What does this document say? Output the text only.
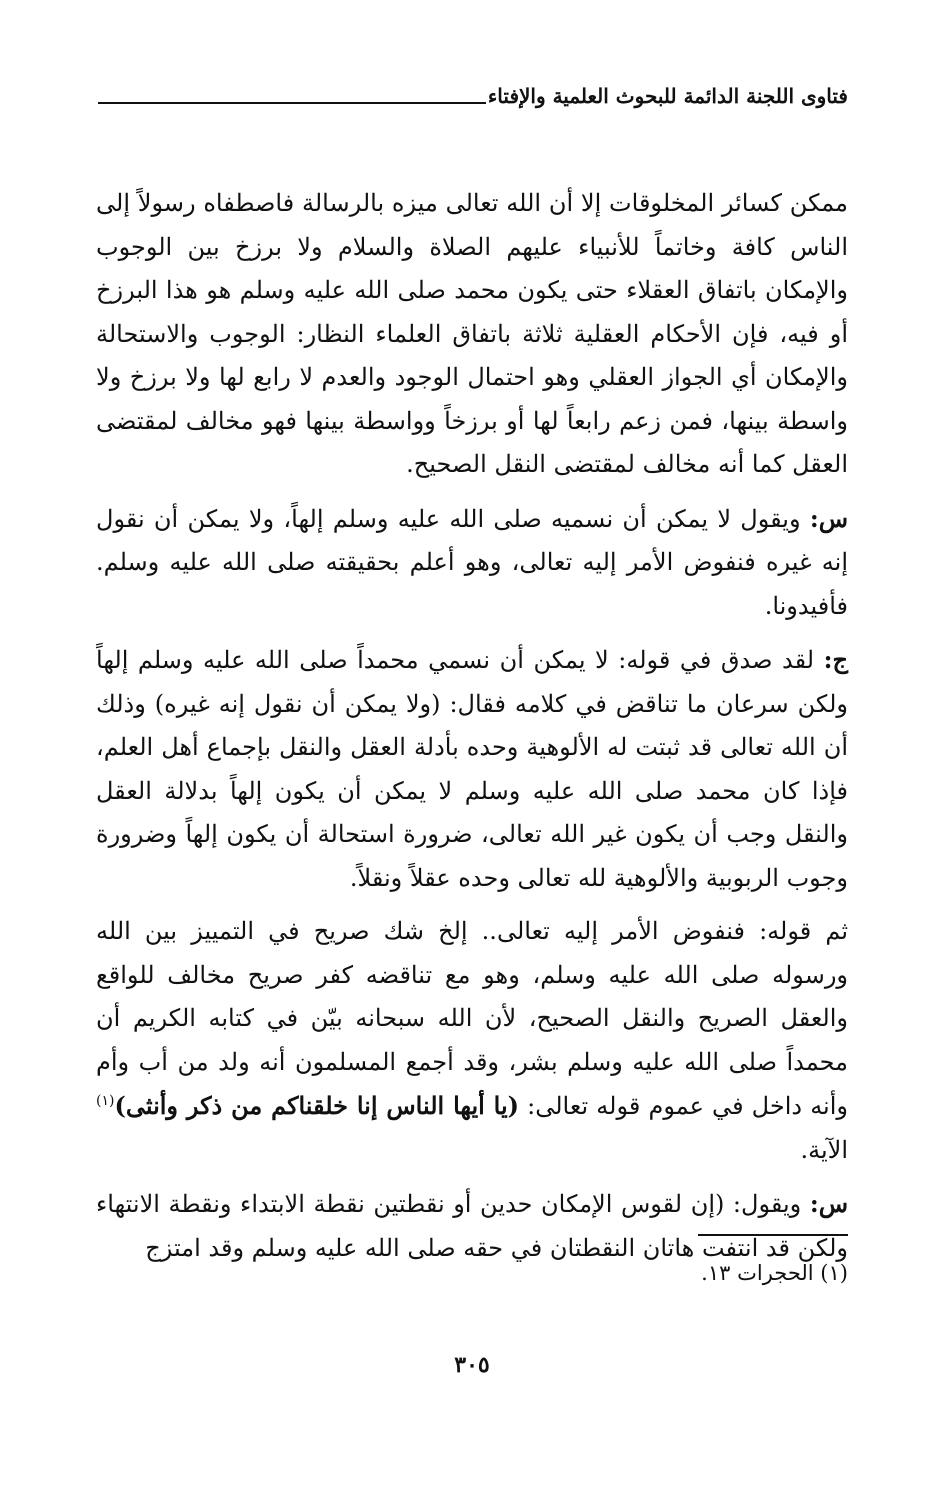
فتاوى اللجنة الدائمة للبحوث العلمية والإفتاء

ممكن كسائر المخلوقات إلا أن الله تعالى ميزه بالرسالة فاصطفاه رسولاً إلى الناس كافة وخاتماً للأنبياء عليهم الصلاة والسلام ولا برزخ بين الوجوب والإمكان باتفاق العقلاء حتى يكون محمد صلى الله عليه وسلم هو هذا البرزخ أو فيه، فإن الأحكام العقلية ثلاثة باتفاق العلماء النظار: الوجوب والاستحالة والإمكان أي الجواز العقلي وهو احتمال الوجود والعدم لا رابع لها ولا برزخ ولا واسطة بينها، فمن زعم رابعاً لها أو برزخاً وواسطة بينها فهو مخالف لمقتضى العقل كما أنه مخالف لمقتضى النقل الصحيح.

س: ويقول لا يمكن أن نسميه صلى الله عليه وسلم إلهاً، ولا يمكن أن نقول إنه غيره فنفوض الأمر إليه تعالى، وهو أعلم بحقيقته صلى الله عليه وسلم. فأفيدونا.

ج: لقد صدق في قوله: لا يمكن أن نسمي محمداً صلى الله عليه وسلم إلهاً ولكن سرعان ما تناقض في كلامه فقال: (ولا يمكن أن نقول إنه غيره) وذلك أن الله تعالى قد ثبتت له الألوهية وحده بأدلة العقل والنقل بإجماع أهل العلم، فإذا كان محمد صلى الله عليه وسلم لا يمكن أن يكون إلهاً بدلالة العقل والنقل وجب أن يكون غير الله تعالى، ضرورة استحالة أن يكون إلهاً وضرورة وجوب الربوبية والألوهية لله تعالى وحده عقلاً ونقلاً.

ثم قوله: فنفوض الأمر إليه تعالى.. إلخ شك صريح في التمييز بين الله ورسوله صلى الله عليه وسلم، وهو مع تناقضه كفر صريح مخالف للواقع والعقل الصريح والنقل الصحيح، لأن الله سبحانه بيّن في كتابه الكريم أن محمداً صلى الله عليه وسلم بشر، وقد أجمع المسلمون أنه ولد من أب وأم وأنه داخل في عموم قوله تعالى: (يا أيها الناس إنا خلقناكم من ذكر وأنثى)$^{(١)}$ الآية.

س: ويقول: (إن لقوس الإمكان حدين أو نقطتين نقطة الابتداء ونقطة الانتهاء ولكن قد انتفت هاتان النقطتان في حقه صلى الله عليه وسلم وقد امتزج

(١) الحجرات ١٣.
٣٠٥
